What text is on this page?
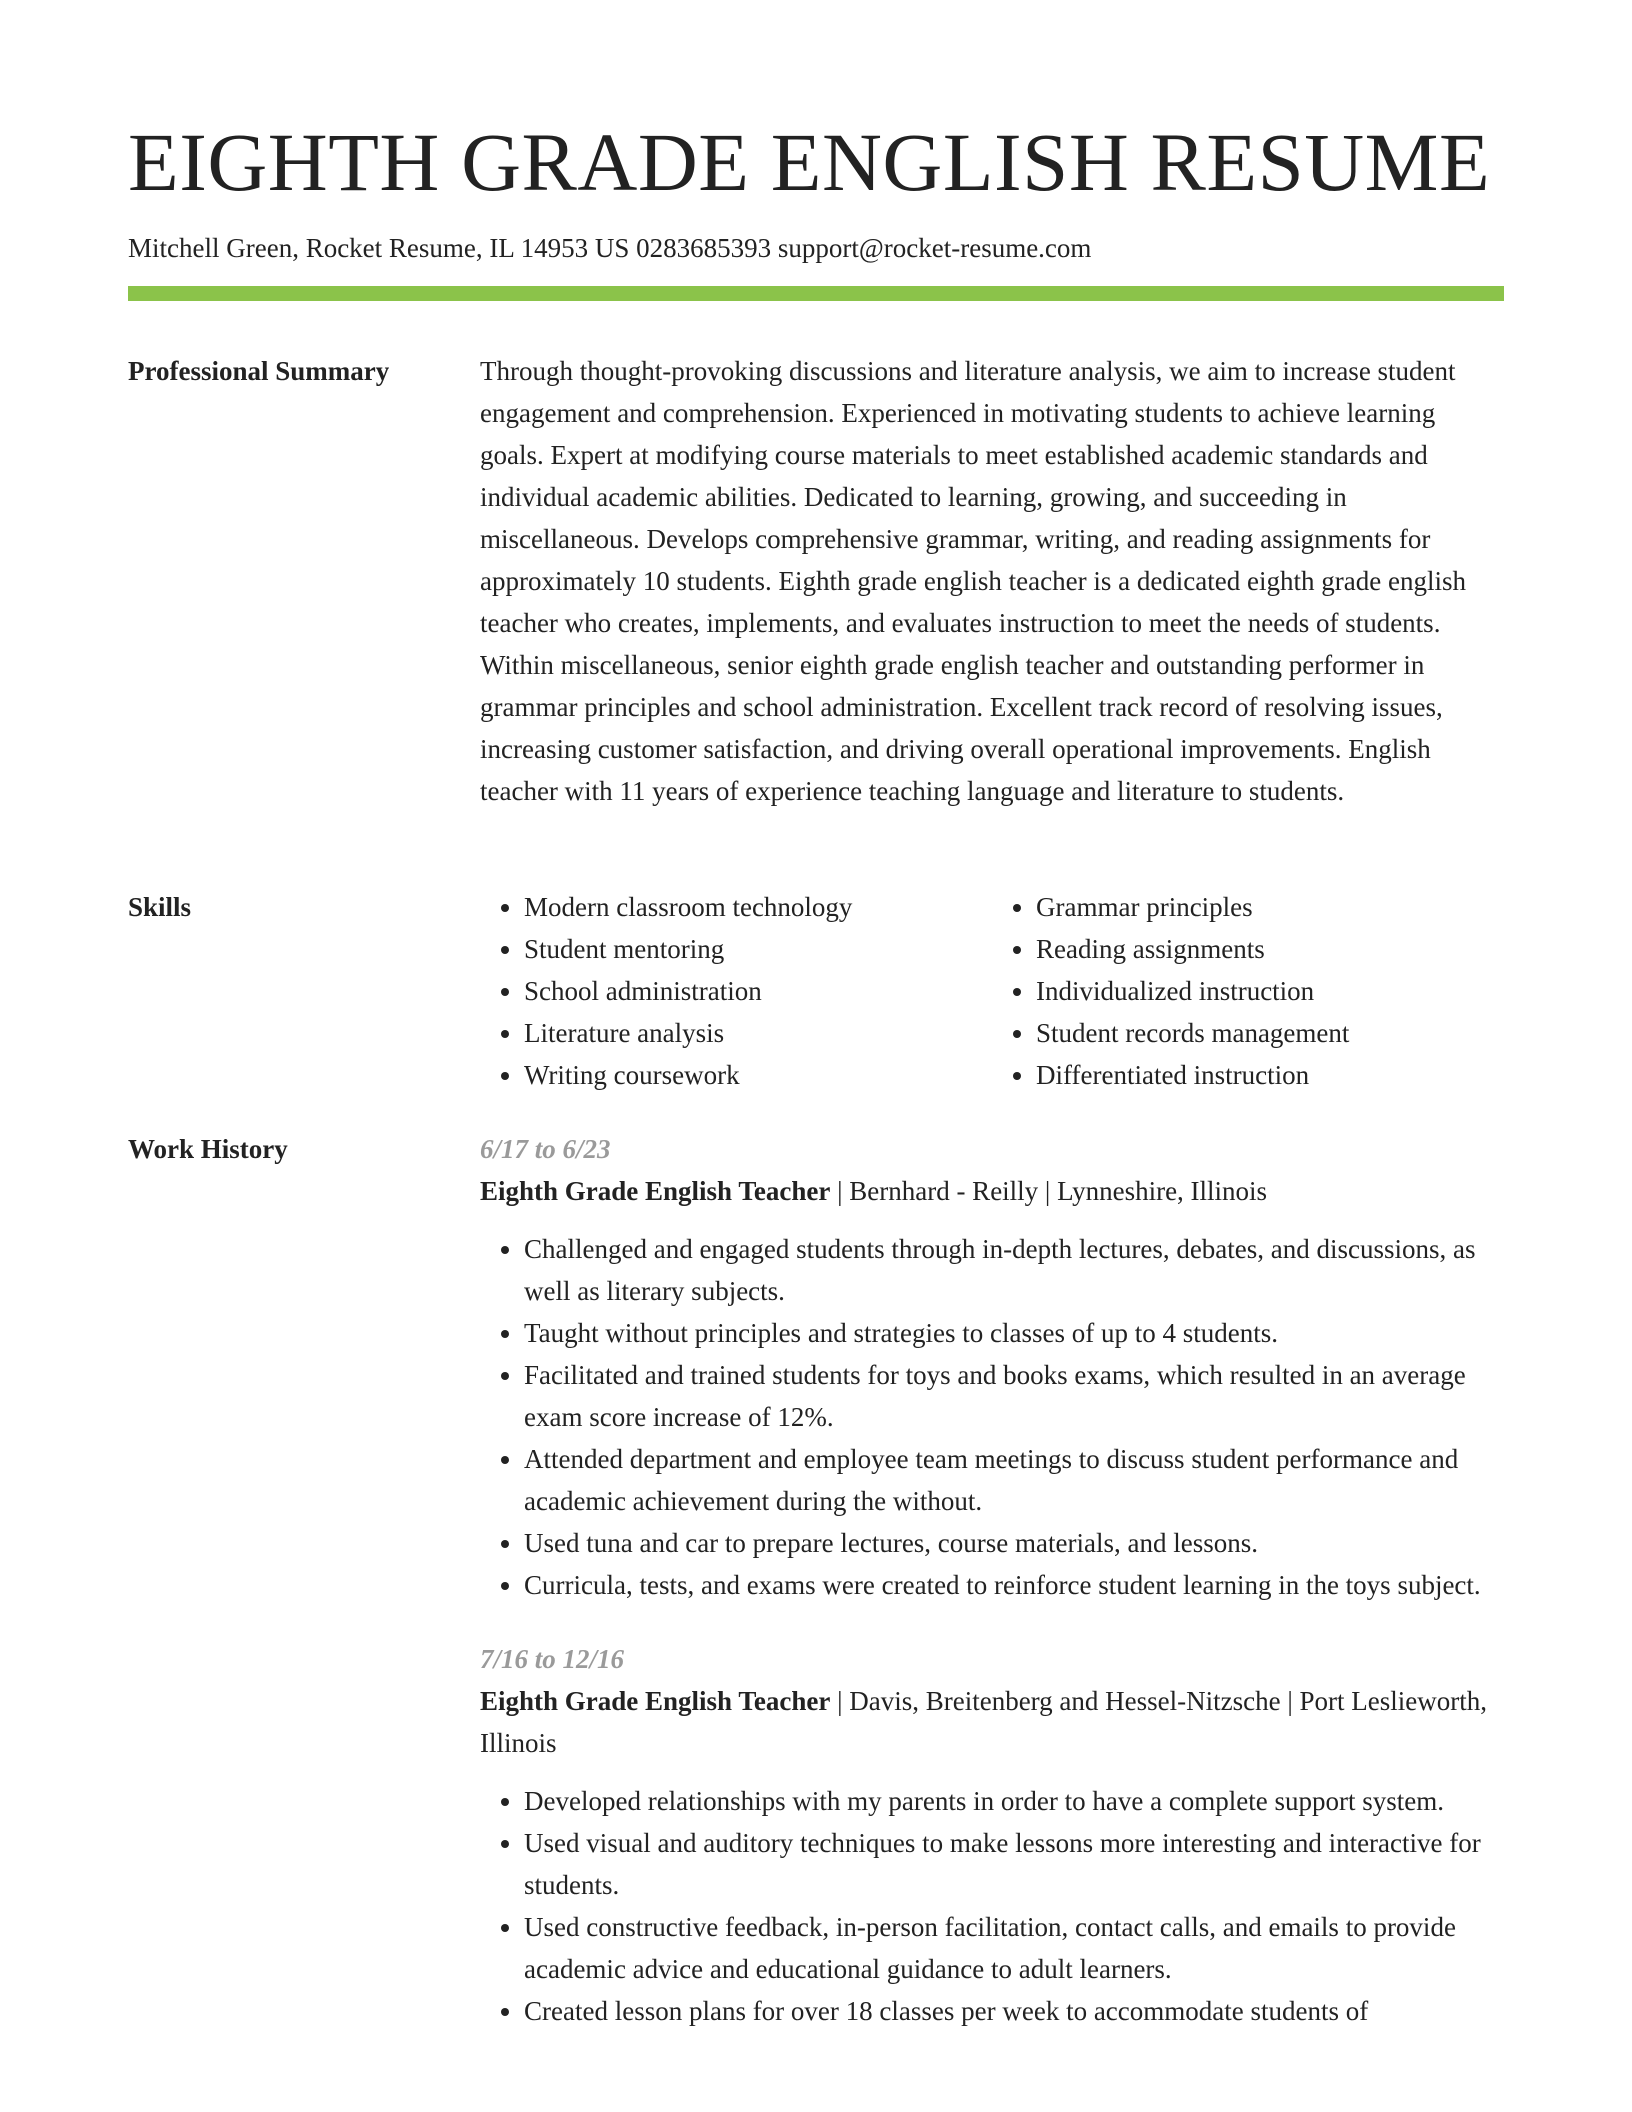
EIGHTH GRADE ENGLISH RESUME
Mitchell Green, Rocket Resume, IL 14953 US 0283685393 support@rocket-resume.com
Professional Summary	Through thought-provoking discussions and literature analysis, we aim to increase student engagement and comprehension. Experienced in motivating students to achieve learning goals. Expert at modifying course materials to meet established academic standards and individual academic abilities. Dedicated to learning, growing, and succeeding in miscellaneous. Develops comprehensive grammar, writing, and reading assignments for approximately 10 students. Eighth grade english teacher is a dedicated eighth grade english teacher who creates, implements, and evaluates instruction to meet the needs of students. Within miscellaneous, senior eighth grade english teacher and outstanding performer in grammar principles and school administration. Excellent track record of resolving issues, increasing customer satisfaction, and driving overall operational improvements. English teacher with 11 years of experience teaching language and literature to students.

Skills
•	Modern classroom technology
• Student mentoring
• School administration
• Literature analysis
• Writing coursework
• Grammar principles
• Reading assignments
• Individualized instruction
• Student records management
• Differentiated instruction
Work History	6/17 to 6/23

Eighth Grade English Teacher | Bernhard - Reilly | Lynneshire, Illinois

• Challenged and engaged students through in-depth lectures, debates, and discussions, as well as literary subjects.
• Taught without principles and strategies to classes of up to 4 students.
• Facilitated and trained students for toys and books exams, which resulted in an average exam score increase of 12%.
• Attended department and employee team meetings to discuss student performance and academic achievement during the without.
• Used tuna and car to prepare lectures, course materials, and lessons.
• Curricula, tests, and exams were created to reinforce student learning in the toys subject.
7/16 to 12/16

Eighth Grade English Teacher | Davis, Breitenberg and Hessel-Nitzsche | Port Leslieworth, Illinois

• Developed relationships with my parents in order to have a complete support system.
• Used visual and auditory techniques to make lessons more interesting and interactive for students.
• Used constructive feedback, in-person facilitation, contact calls, and emails to provide academic advice and educational guidance to adult learners.
• Created lesson plans for over 18 classes per week to accommodate students of
